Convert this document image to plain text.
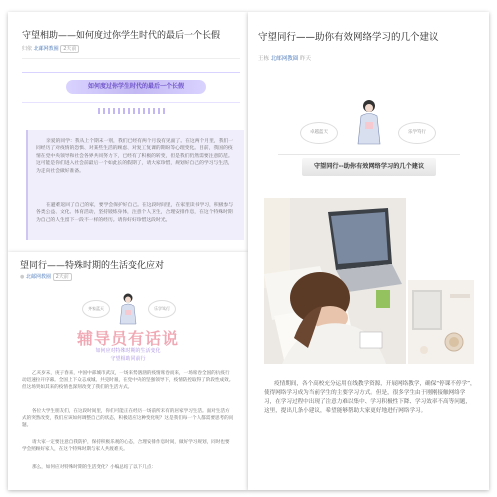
守望相助——如何度过你学生时代的最后一个长假
归依 北邮网教圈 2天前
如何度过你学生时代的最后一个长假

亲爱的同学：我从上个期末一别，我们已经有两个月没有见面了。在这两个月里，我们一同经历了对疫情的恐惧、对某些生活的顾虑、对复工复课的期盼等心理变化。目前，我国的疫情在党中央领导和社会各界共同努力下，已经有了积极的转变，但是我们仍然需要注意防范。这可能是你们进入社会前最后一个如此长的假期了，请大家珍惜，规划好自己的学习与生活，为走向社会做好准备。

在避难返回了自己的家，要学会保护好自己。在这段时间里，在家里读书学习，积极参与各类公益、文化、体育活动，坚持锻炼身体，注意个人卫生，合理安排作息，在这个特殊时期为自己的人生留下一段不一样的经历。请你好好珍惜这段时光。

望同行——特殊时期的生活变化应对
● 北邮网教圈 2天前
齐家蓝天	乐学笃行
辅导员有话说
如何应对特殊时期的生活变化
守望相助同前行

乙亥岁末，庚子春来，中国中部城市武汉，一场来势汹汹的疫情席卷而来，一场席卷全国的抗疫行动迅速拉开序幕。全国上下众志成城、共克时艰，在党中央的坚强领导下，疫情防控取得了阶段性成效。但这场突如其来的疫情也深刻改变了我们的生活方式。

各位大学生朋友们，在这段时间里，你们可能正在经历一场前所未有的居家学习生活。面对生活方式的突然改变，我们应该如何调整自己的状态，积极适应这种变化呢？这是我们每一个人都需要思考的问题。

请大家一定要注意自我防护，保持积极乐观的心态，合理安排作息时间，做好学习规划，同时也要学会照顾好家人，在这个特殊时期与家人共渡难关。

那么，如何应对特殊时期的生活变化？小编总结了以下几点：

守望同行——助你有效网络学习的几个建议
王栋 北邮网教圈 昨天
卓越蓝天	乐学笃行
守望同行--助你有效网络学习的几个建议

疫情期间，各个高校充分运用在线教学资源，开展网络教学，确保“停课不停学”，使得网络学习成为当前学生的主要学习方式。但是，很多学生由于刚刚接触网络学习，在学习过程中出现了注意力难以集中、学习积极性下降、学习效率不高等问题，这里，提出几条小建议，希望能够帮助大家更好地进行网络学习。
